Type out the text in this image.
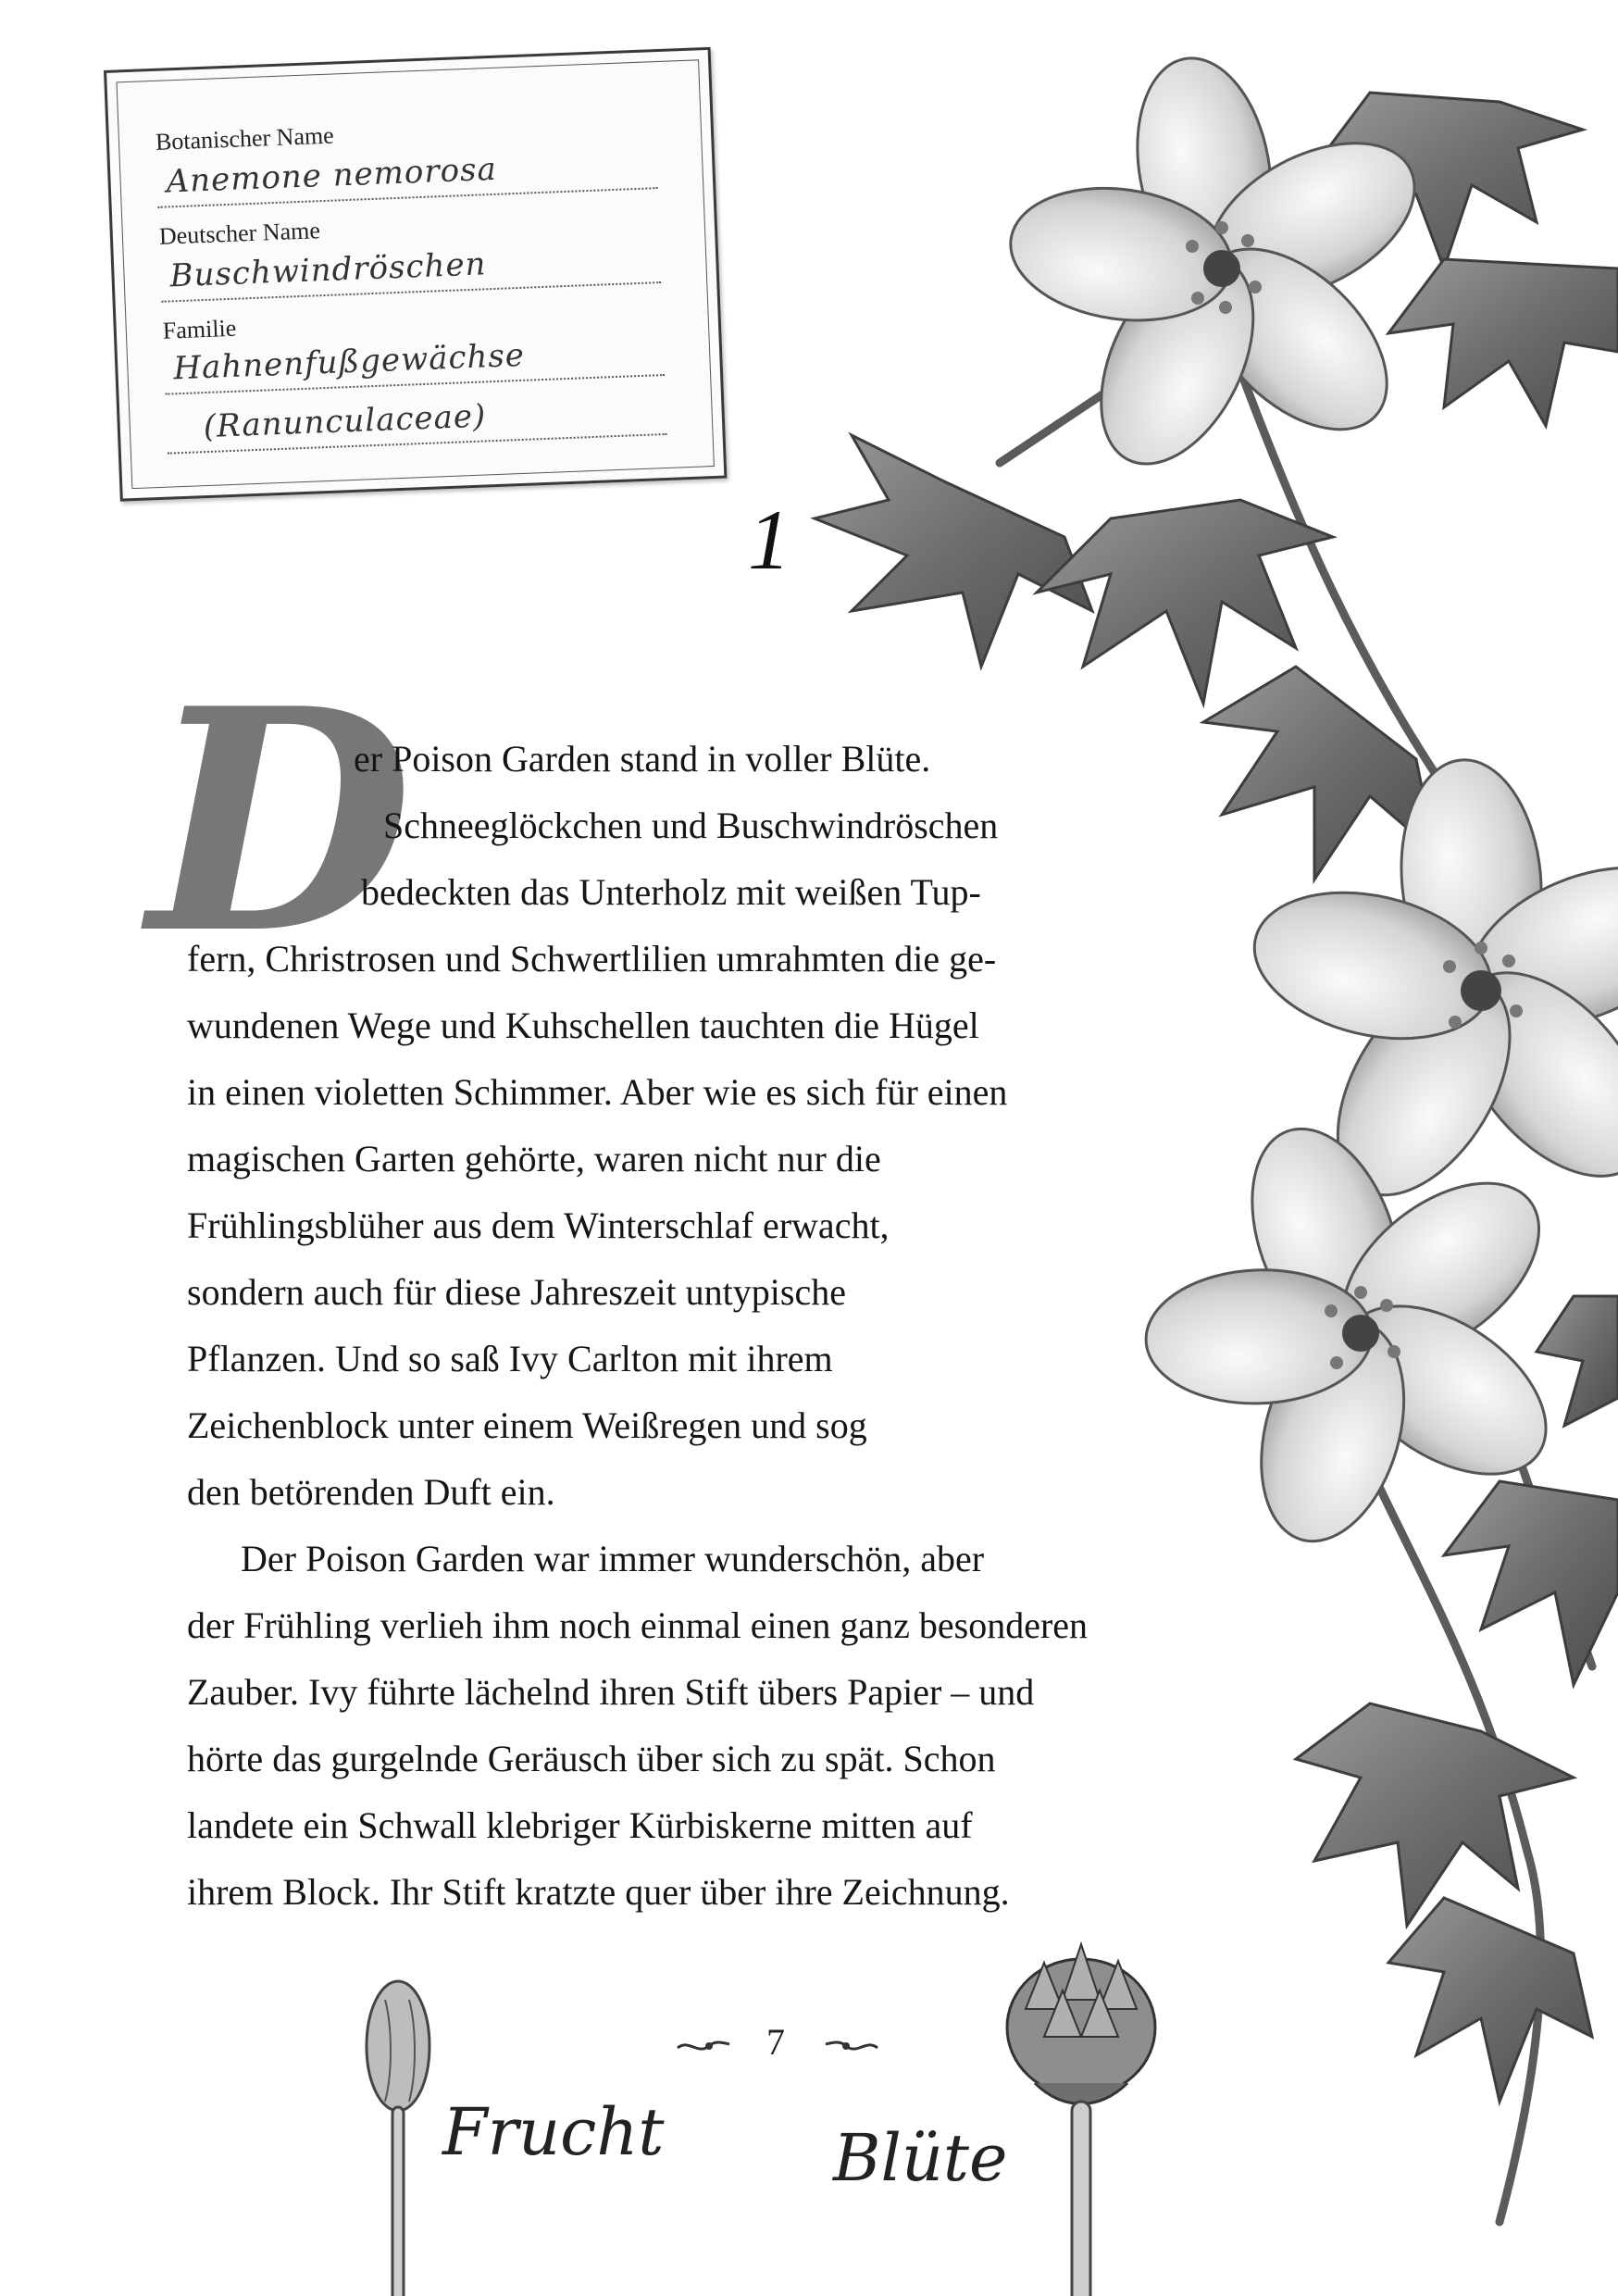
Botanischer Name
Anemone nemorosa
Deutscher Name
Buschwindröschen
Familie
Hahnenfußgewächse
(Ranunculaceae)
1
D
er Poison Garden stand in voller Blüte.
Schneeglöckchen und Buschwindröschen
bedeckten das Unterholz mit weißen Tup-
fern, Christrosen und Schwertlilien umrahmten die ge-
wundenen Wege und Kuhschellen tauchten die Hügel
in einen violetten Schimmer. Aber wie es sich für einen
magischen Garten gehörte, waren nicht nur die
Frühlingsblüher aus dem Winterschlaf erwacht,
sondern auch für diese Jahreszeit untypische
Pflanzen. Und so saß Ivy Carlton mit ihrem
Zeichenblock unter einem Weißregen und sog
den betörenden Duft ein.
Der Poison Garden war immer wunderschön, aber
der Frühling verlieh ihm noch einmal einen ganz besonderen
Zauber. Ivy führte lächelnd ihren Stift übers Papier – und
hörte das gurgelnde Geräusch über sich zu spät. Schon
landete ein Schwall klebriger Kürbiskerne mitten auf
ihrem Block. Ihr Stift kratzte quer über ihre Zeichnung.
7
Frucht	Blüte
